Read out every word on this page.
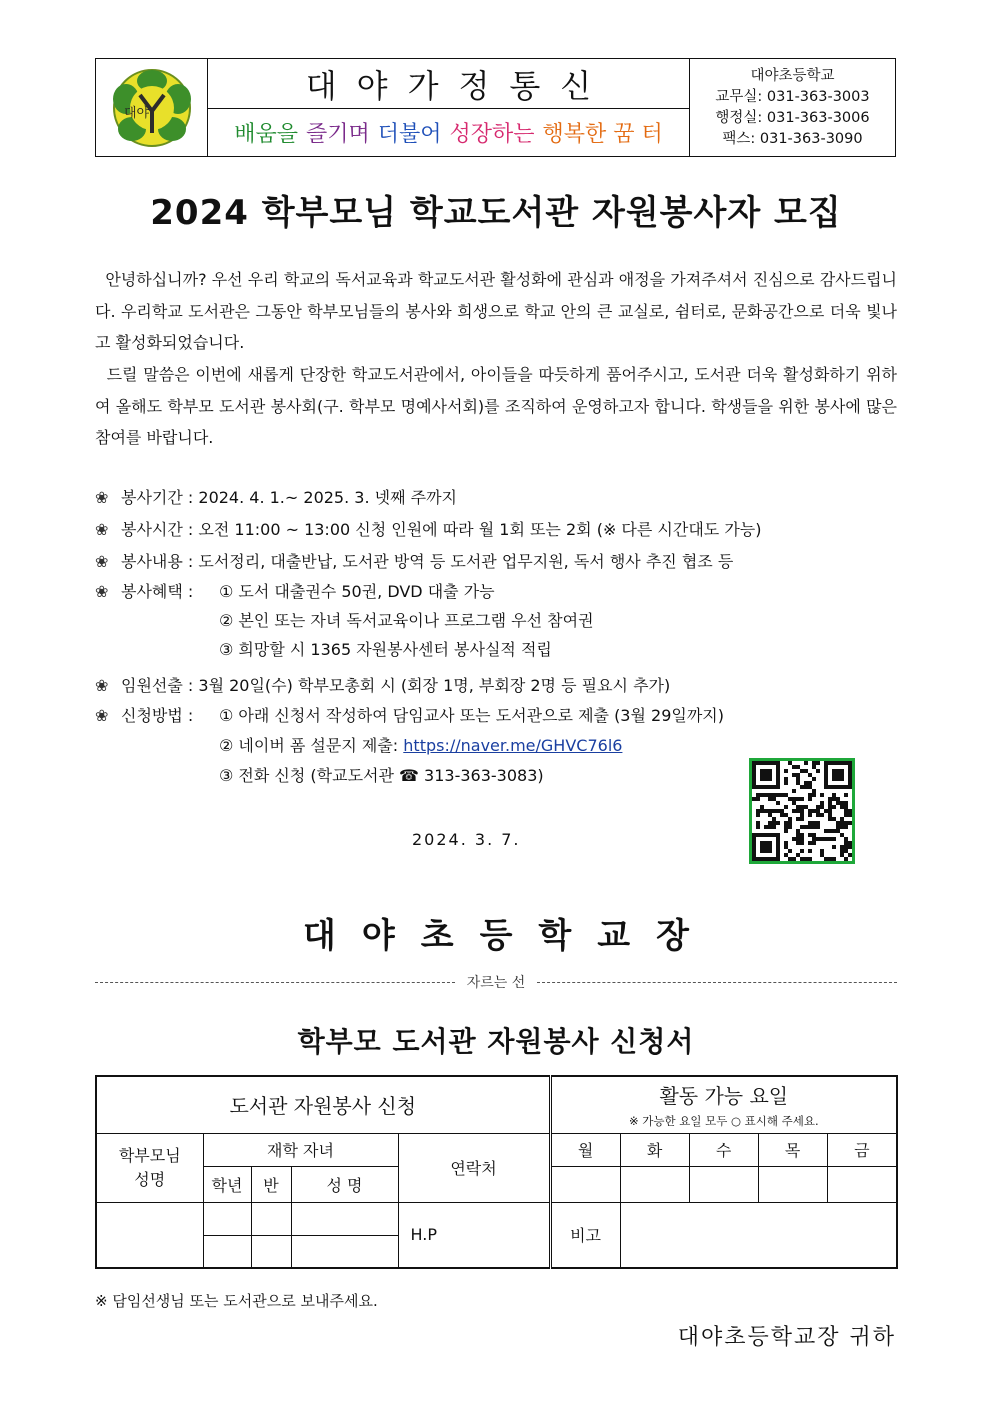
대야
대야가정통신
배움을 즐기며 더불어 성장하는 행복한 꿈 터
대야초등학교
교무실: 031-363-3003
행정실: 031-363-3006
팩스: 031-363-3090
2024 학부모님 학교도서관 자원봉사자 모집
안녕하십니까? 우선 우리 학교의 독서교육과 학교도서관 활성화에 관심과 애정을 가져주셔서 진심으로 감사드립니다. 우리학교 도서관은 그동안 학부모님들의 봉사와 희생으로 학교 안의 큰 교실로, 쉼터로, 문화공간으로 더욱 빛나고 활성화되었습니다.
드릴 말씀은 이번에 새롭게 단장한 학교도서관에서, 아이들을 따듯하게 품어주시고, 도서관 더욱 활성화하기 위하여 올해도 학부모 도서관 봉사회(구. 학부모 명예사서회)를 조직하여 운영하고자 합니다. 학생들을 위한 봉사에 많은 참여를 바랍니다.
❀ 봉사기간 : 2024. 4. 1.~ 2025. 3. 넷째 주까지
❀ 봉사시간 : 오전 11:00 ~ 13:00 신청 인원에 따라 월 1회 또는 2회 (※ 다른 시간대도 가능)
❀ 봉사내용 : 도서정리, 대출반납, 도서관 방역 등 도서관 업무지원, 독서 행사 추진 협조 등
❀ 봉사혜택 : ① 도서 대출권수 50권, DVD 대출 가능
② 본인 또는 자녀 독서교육이나 프로그램 우선 참여권
③ 희망할 시 1365 자원봉사센터 봉사실적 적립
❀ 임원선출 : 3월 20일(수) 학부모총회 시 (회장 1명, 부회장 2명 등 필요시 추가)
❀ 신청방법 : ① 아래 신청서 작성하여 담임교사 또는 도서관으로 제출 (3월 29일까지)
② 네이버 폼 설문지 제출: https://naver.me/GHVC76l6
③ 전화 신청 (학교도서관 ☎ 313-363-3083)
2024. 3. 7.
대야초등학교장
자르는 선
학부모 도서관 자원봉사 신청서
도서관 자원봉사 신청					활동 가능 요일
※ 가능한 요일 모두 ○ 표시해 주세요.				

학부모님 성명	재학 자녀			연락처	월	화	수	목	금
	학년	반	성 명						
				H.P	비고				

※ 담임선생님 또는 도서관으로 보내주세요.
대야초등학교장 귀하
